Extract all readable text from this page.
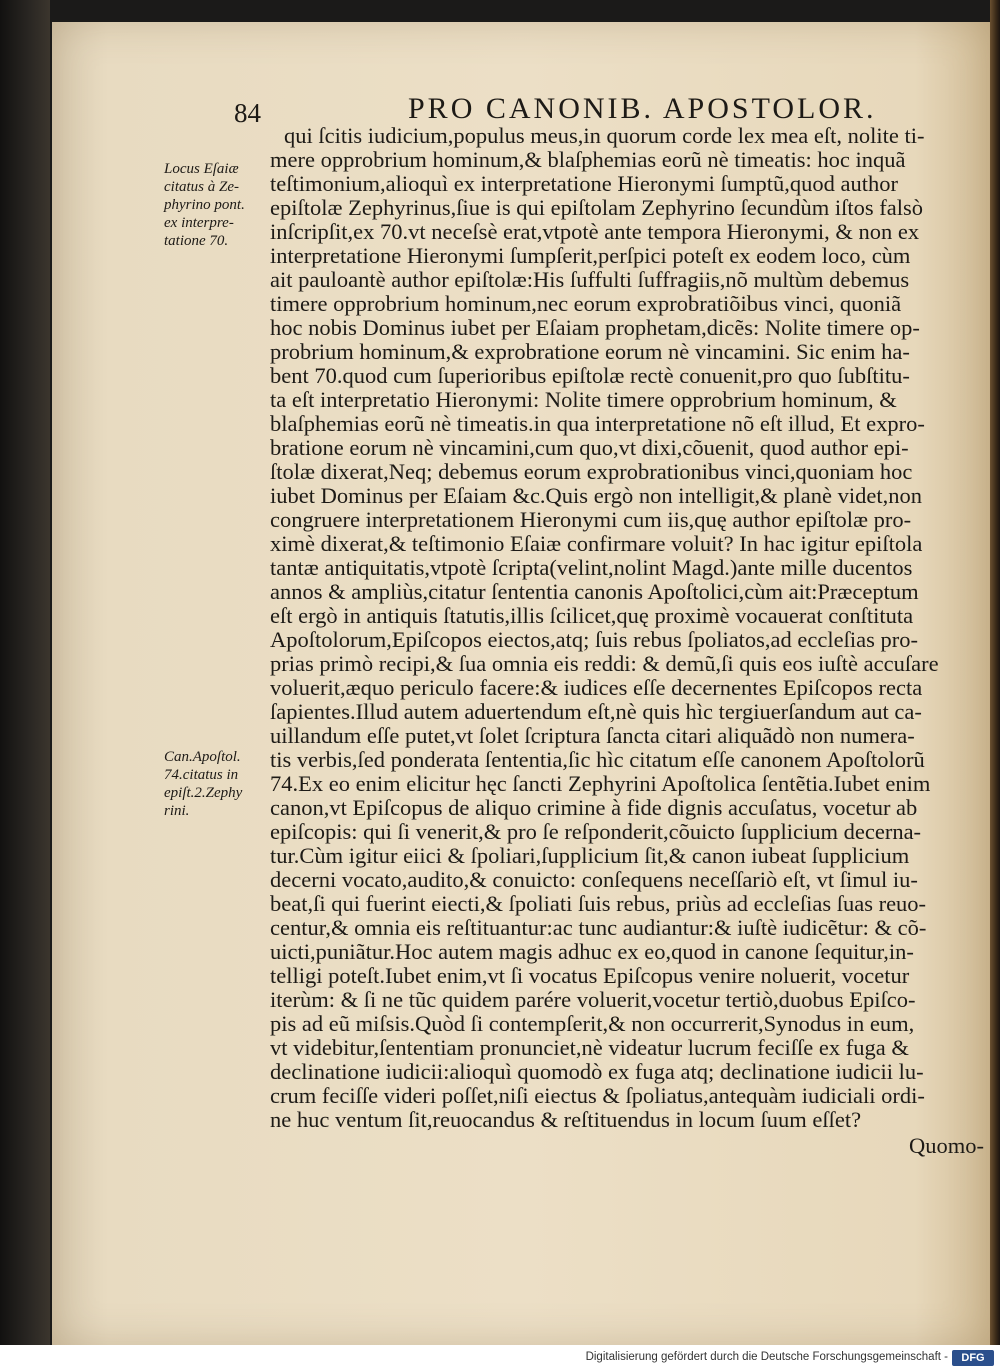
84	PRO CANONIB. APOSTOLOR.
Locus Eſaiæ
citatus à Ze-
phyrino pont.
ex interpre-
tatione 70.
Can.Apoſtol.
74.citatus in
epiſt.2.Zephy
rini.
qui ſcitis iudicium,populus meus,in quorum corde lex mea eſt, nolite ti-
mere opprobrium hominum,& blaſphemias eorũ nè timeatis: hoc inquã
teſtimonium,alioquì ex interpretatione Hieronymi ſumptũ,quod author
epiſtolæ Zephyrinus,ſiue is qui epiſtolam Zephyrino ſecundùm iſtos falsò
inſcripſit,ex 70.vt neceſsè erat,vtpotè ante tempora Hieronymi, & non ex
interpretatione Hieronymi ſumpſerit,perſpici poteſt ex eodem loco, cùm
ait pauloantè author epiſtolæ:His ſuffulti ſuffragiis,nõ multùm debemus
timere opprobrium hominum,nec eorum exprobratiõibus vinci, quoniã
hoc nobis Dominus iubet per Eſaiam prophetam,dicẽs: Nolite timere op-
probrium hominum,& exprobratione eorum nè vincamini. Sic enim ha-
bent 70.quod cum ſuperioribus epiſtolæ rectè conuenit,pro quo ſubſtitu-
ta eſt interpretatio Hieronymi: Nolite timere opprobrium hominum, &
blaſphemias eorũ nè timeatis.in qua interpretatione nõ eſt illud, Et expro-
bratione eorum nè vincamini,cum quo,vt dixi,cõuenit, quod author epi-
ſtolæ dixerat,Neq; debemus eorum exprobrationibus vinci,quoniam hoc
iubet Dominus per Eſaiam &c.Quis ergò non intelligit,& planè videt,non
congruere interpretationem Hieronymi cum iis,quę author epiſtolæ pro-
ximè dixerat,& teſtimonio Eſaiæ confirmare voluit? In hac igitur epiſtola
tantæ antiquitatis,vtpotè ſcripta(velint,nolint Magd.)ante mille ducentos
annos & ampliùs,citatur ſententia canonis Apoſtolici,cùm ait:Præceptum
eſt ergò in antiquis ſtatutis,illis ſcilicet,quę proximè vocauerat conſtituta
Apoſtolorum,Epiſcopos eiectos,atq; ſuis rebus ſpoliatos,ad eccleſias pro-
prias primò recipi,& ſua omnia eis reddi: & demũ,ſi quis eos iuſtè accuſare
voluerit,æquo periculo facere:& iudices eſſe decernentes Epiſcopos recta
ſapientes.Illud autem aduertendum eſt,nè quis hìc tergiuerſandum aut ca-
uillandum eſſe putet,vt ſolet ſcriptura ſancta citari aliquãdò non numera-
tis verbis,ſed ponderata ſententia,ſic hìc citatum eſſe canonem Apoſtolorũ
74.Ex eo enim elicitur hęc ſancti Zephyrini Apoſtolica ſentẽtia.Iubet enim
canon,vt Epiſcopus de aliquo crimine à fide dignis accuſatus, vocetur ab
epiſcopis: qui ſi venerit,& pro ſe reſponderit,cõuicto ſupplicium decerna-
tur.Cùm igitur eiici & ſpoliari,ſupplicium ſit,& canon iubeat ſupplicium
decerni vocato,audito,& conuicto: conſequens neceſſariò eſt, vt ſimul iu-
beat,ſi qui fuerint eiecti,& ſpoliati ſuis rebus, priùs ad eccleſias ſuas reuo-
centur,& omnia eis reſtituantur:ac tunc audiantur:& iuſtè iudicẽtur: & cõ-
uicti,puniãtur.Hoc autem magis adhuc ex eo,quod in canone ſequitur,in-
telligi poteſt.Iubet enim,vt ſi vocatus Epiſcopus venire noluerit, vocetur
iterùm: & ſi ne tũc quidem parére voluerit,vocetur tertiò,duobus Epiſco-
pis ad eũ miſsis.Quòd ſi contempſerit,& non occurrerit,Synodus in eum,
vt videbitur,ſententiam pronunciet,nè videatur lucrum feciſſe ex fuga &
declinatione iudicii:alioquì quomodò ex fuga atq; declinatione iudicii lu-
crum feciſſe videri poſſet,niſi eiectus & ſpoliatus,antequàm iudiciali ordi-
ne huc ventum ſit,reuocandus & reſtituendus in locum ſuum eſſet?
Quomo-
Digitalisierung gefördert durch die Deutsche Forschungsgemeinschaft -	DFG
